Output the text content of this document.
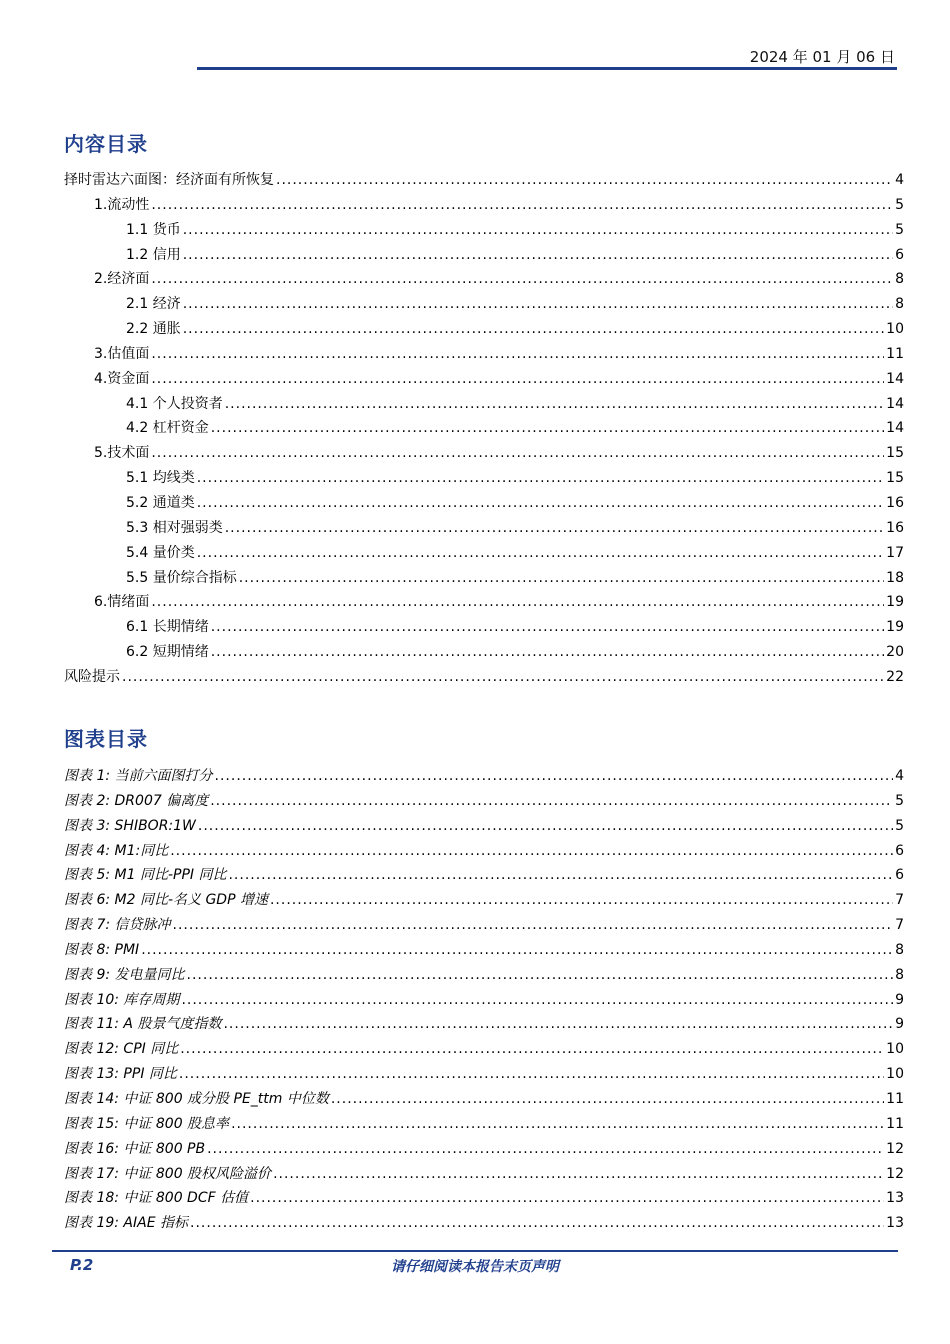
2024 年 01 月 06 日
内容目录
择时雷达六面图：经济面有所恢复 .....	4
1.流动性 .....	5
1.1 货币 .....	5
1.2 信用 .....	6
2.经济面 .....	8
2.1 经济 .....	8
2.2 通胀 .....	10
3.估值面 .....	11
4.资金面 .....	14
4.1 个人投资者 .....	14
4.2 杠杆资金 .....	14
5.技术面 .....	15
5.1 均线类 .....	15
5.2 通道类 .....	16
5.3 相对强弱类 .....	16
5.4 量价类 .....	17
5.5 量价综合指标 .....	18
6.情绪面 .....	19
6.1 长期情绪 .....	19
6.2 短期情绪 .....	20
风险提示 .....	22
图表目录
图表 1: 当前六面图打分 .....	4
图表 2: DR007 偏离度 .....	5
图表 3: SHIBOR:1W .....	5
图表 4: M1:同比 .....	6
图表 5: M1 同比-PPI 同比 .....	6
图表 6: M2 同比-名义 GDP 增速 .....	7
图表 7: 信贷脉冲 .....	7
图表 8: PMI .....	8
图表 9: 发电量同比 .....	8
图表 10: 库存周期 .....	9
图表 11: A 股景气度指数 .....	9
图表 12: CPI 同比 .....	10
图表 13: PPI 同比 .....	10
图表 14: 中证 800 成分股 PE_ttm 中位数 .....	11
图表 15: 中证 800 股息率 .....	11
图表 16: 中证 800 PB .....	12
图表 17: 中证 800 股权风险溢价 .....	12
图表 18: 中证 800 DCF 估值 .....	13
图表 19: AIAE 指标 .....	13
P.2	请仔细阅读本报告末页声明
